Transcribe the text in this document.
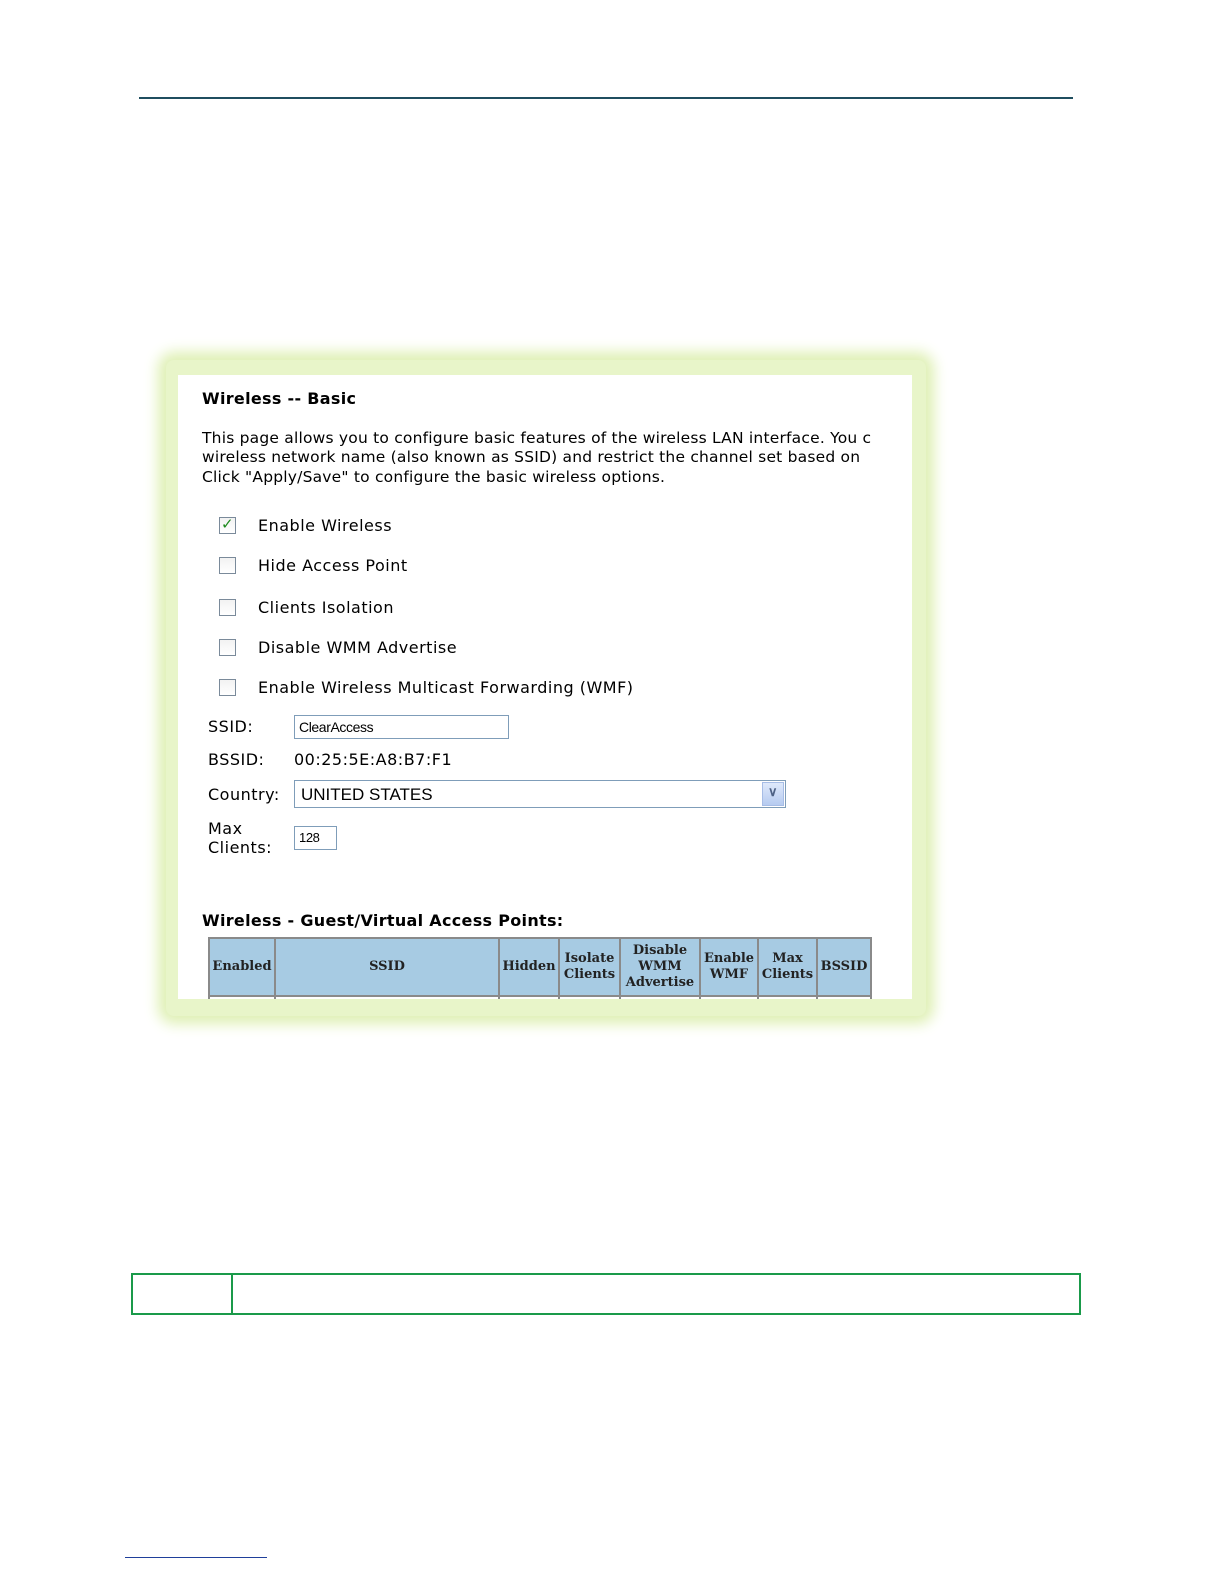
Wireless -- Basic
This page allows you to configure basic features of the wireless LAN interface. You c
wireless network name (also known as SSID) and restrict the channel set based on
Click "Apply/Save" to configure the basic wireless options.
✓ Enable Wireless
Hide Access Point
Clients Isolation
Disable WMM Advertise
Enable Wireless Multicast Forwarding (WMF)
SSID:	ClearAccess
BSSID: 00:25:5E:A8:B7:F1
Country: UNITED STATES	∨
Max
Clients:
128
Wireless - Guest/Virtual Access Points:
Enabled	SSID	Hidden	Isolate Clients	Disable WMM Advertise	Enable WMF	Max Clients	BSSID
